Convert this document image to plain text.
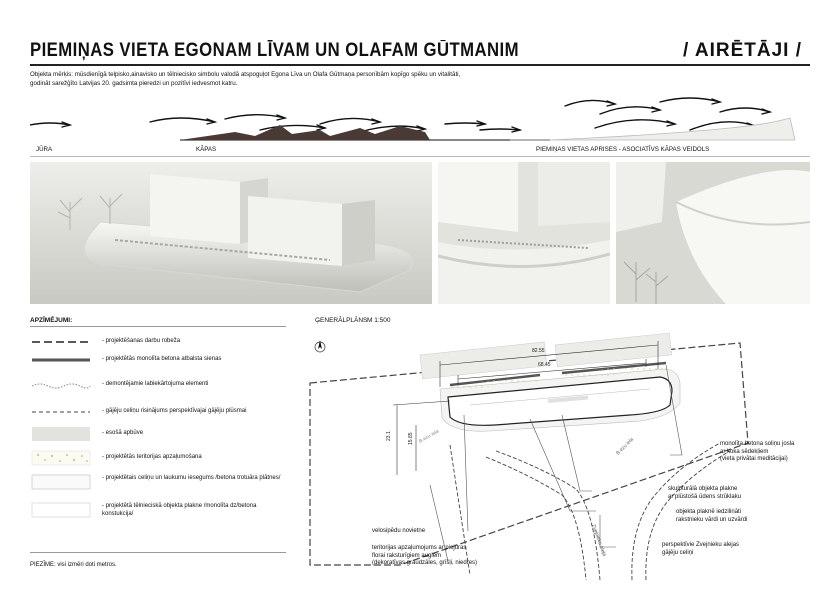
PIEMIŅAS VIETA EGONAM LĪVAM UN OLAFAM GŪTMANIM	/ AIRĒTĀJI /
Objekta mērķis: mūsdienīgā telpisko,ainavisko un tēlniecisko simbolu valodā atspoguļot Egona Līva un Olafa Gūtmaņa personībām kopīgo spēku un vitalitāti, godināt sarežģīto Latvijas 20. gadsimta pieredzi un pozitīvi iedvesmot katru.
JŪRA	KĀPAS	PIEMIŅAS VIETAS APRISES - ASOCIATĪVS KĀPAS VEIDOLS
APZĪMĒJUMI:
- projektēšanas darbu robeža
- projektētās monolīta betona atbalsta sienas
- demontējamie labiekārtojuma elementi
- gājēju celiņu risinājums perspektīvajai gājēju plūsmai
- esošā apbūve
- projektētās teritorijas apzaļumošana
- projektētais celiņu un laukumu iesegums /betona trotuāra plātnes/
- projektētā tēlnieciskā objekta plakne /monolīta dz/betona konstukcija/
PIEZĪME: visi izmēri doti metros.
ĢENERĀLPLĀNS M 1:500
82.55
68.45
23.1	15.85 B.ezu iela	B.ezu iela
Zvejnieku aleja
monolīta betona soliņu josla
ar koka sēdekļiem
(vieta privātai meditācijai)
skulpturālā objekta plakne
ar plūstošā ūdens strūklaku
objekta plaknē iedzilināti
rakstnieku vārdi un uzvārdi
perspektīvie Zvejnieku alejas
gājēju celiņi
velosipēdu novietne
teritorijas apzaļumojums ar piejūras
florai raksturīgiem augiem
(dekoratīvas graudzāles, grīšļi, niedres)
